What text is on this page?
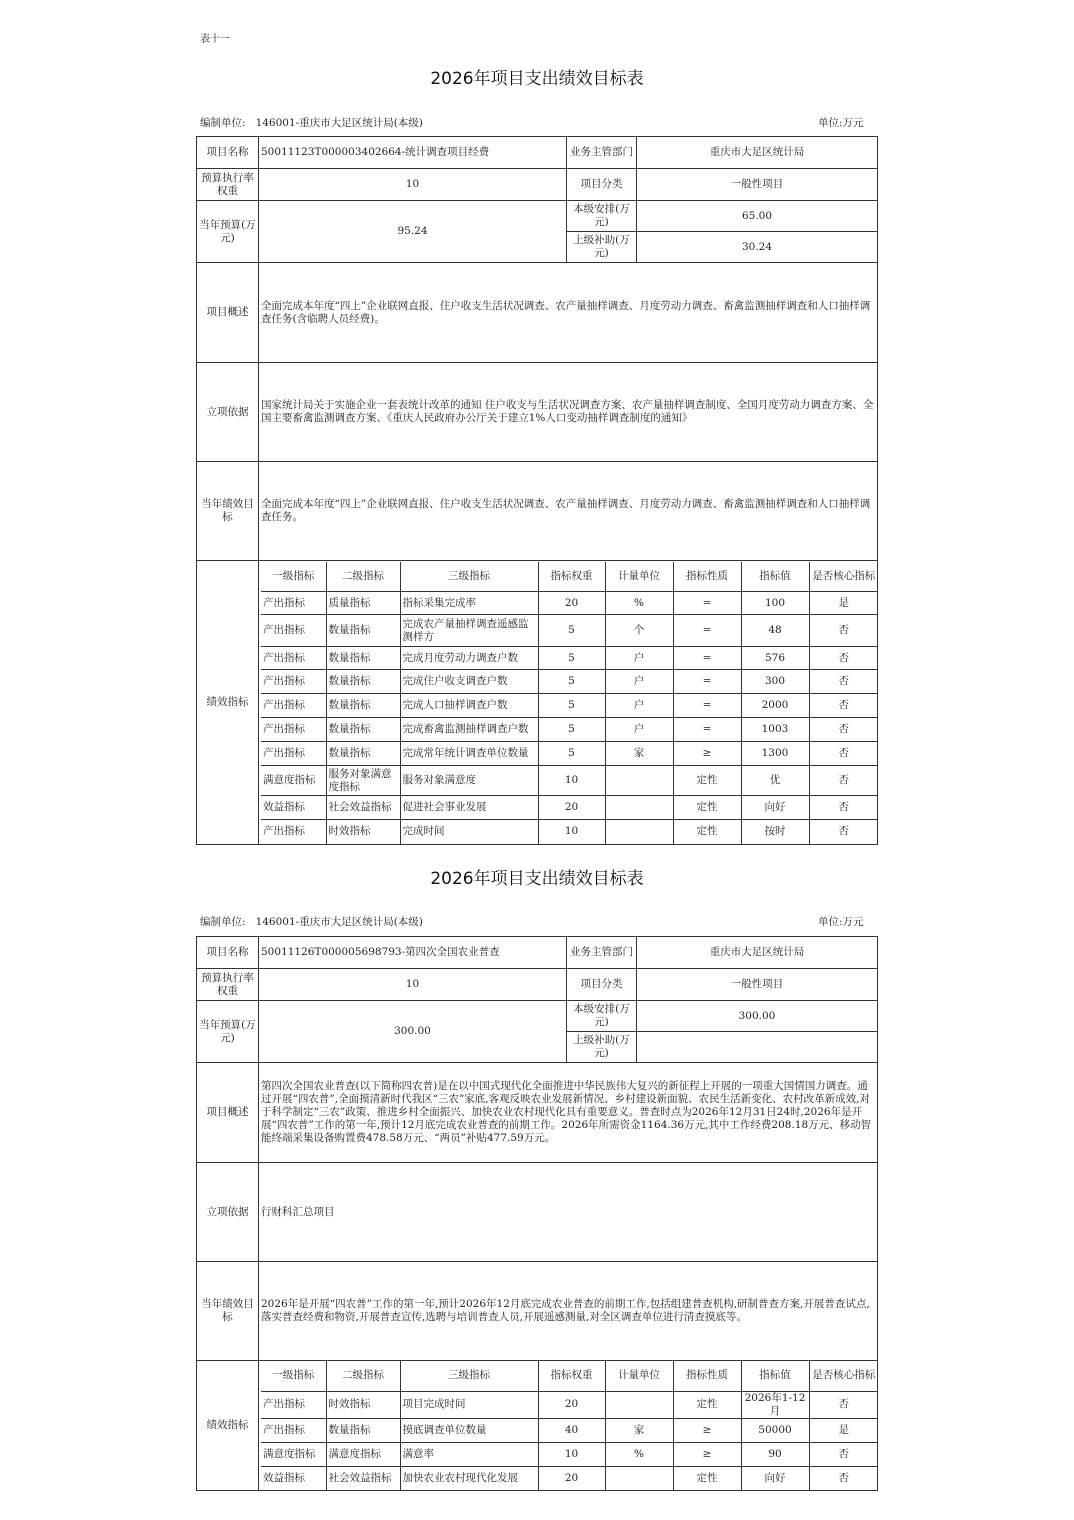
表十一
2026年项目支出绩效目标表
编制单位: 146001-重庆市大足区统计局(本级)	单位:万元
项目名称	50011123T000003402664-统计调查项目经费	业务主管部门	重庆市大足区统计局
预算执行率权重	10	项目分类	一般性项目
当年预算(万元)	95.24	本级安排(万元)	65.00
上级补助(万元)	30.24
项目概述	全面完成本年度“四上”企业联网直报、住户收支生活状况调查、农产量抽样调查、月度劳动力调查、畜禽监测抽样调查和人口抽样调查任务(含临聘人员经费)。
立项依据	国家统计局关于实施企业一套表统计改革的通知 住户收支与生活状况调查方案、农产量抽样调查制度、全国月度劳动力调查方案、全国主要畜禽监测调查方案、《重庆人民政府办公厅关于建立1%人口变动抽样调查制度的通知》
当年绩效目标	全面完成本年度“四上”企业联网直报、住户收支生活状况调查、农产量抽样调查、月度劳动力调查、畜禽监测抽样调查和人口抽样调查任务。
绩效指标	
一级指标	二级指标	三级指标	指标权重	计量单位	指标性质	指标值	是否核心指标
产出指标	质量指标	指标采集完成率	20	%	=	100	是
产出指标	数量指标	完成农产量抽样调查遥感监测样方	5	个	=	48	否
产出指标	数量指标	完成月度劳动力调查户数	5	户	=	576	否
产出指标	数量指标	完成住户收支调查户数	5	户	=	300	否
产出指标	数量指标	完成人口抽样调查户数	5	户	=	2000	否
产出指标	数量指标	完成畜禽监测抽样调查户数	5	户	=	1003	否
产出指标	数量指标	完成常年统计调查单位数量	5	家	≥	1300	否
满意度指标	服务对象满意度指标	服务对象满意度	10		定性	优	否
效益指标	社会效益指标	促进社会事业发展	20		定性	向好	否
产出指标	时效指标	完成时间	10		定性	按时	否
2026年项目支出绩效目标表
编制单位: 146001-重庆市大足区统计局(本级)	单位:万元
项目名称	50011126T000005698793-第四次全国农业普查	业务主管部门	重庆市大足区统计局
预算执行率权重	10	项目分类	一般性项目
当年预算(万元)	300.00	本级安排(万元)	300.00
上级补助(万元)	
项目概述	第四次全国农业普查(以下简称四农普)是在以中国式现代化全面推进中华民族伟大复兴的新征程上开展的一项重大国情国力调查。通过开展“四农普”,全面摸清新时代我区“三农”家底,客观反映农业发展新情况、乡村建设新面貌、农民生活新变化、农村改革新成效,对于科学制定“三农”政策、推进乡村全面振兴、加快农业农村现代化具有重要意义。普查时点为2026年12月31日24时,2026年是开展“四农普”工作的第一年,预计12月底完成农业普查的前期工作。2026年所需资金1164.36万元,其中工作经费208.18万元、移动智能终端采集设备购置费478.58万元、“两员”补贴477.59万元。
立项依据	行财科汇总项目
当年绩效目标	2026年是开展“四农普”工作的第一年,预计2026年12月底完成农业普查的前期工作,包括组建普查机构,研制普查方案,开展普查试点,落实普查经费和物资,开展普查宣传,选聘与培训普查人员,开展遥感测量,对全区调查单位进行清查摸底等。
绩效指标	
一级指标	二级指标	三级指标	指标权重	计量单位	指标性质	指标值	是否核心指标
产出指标	时效指标	项目完成时间	20		定性	2026年1-12月	否
产出指标	数量指标	摸底调查单位数量	40	家	≥	50000	是
满意度指标	满意度指标	满意率	10	%	≥	90	否
效益指标	社会效益指标	加快农业农村现代化发展	20		定性	向好	否
